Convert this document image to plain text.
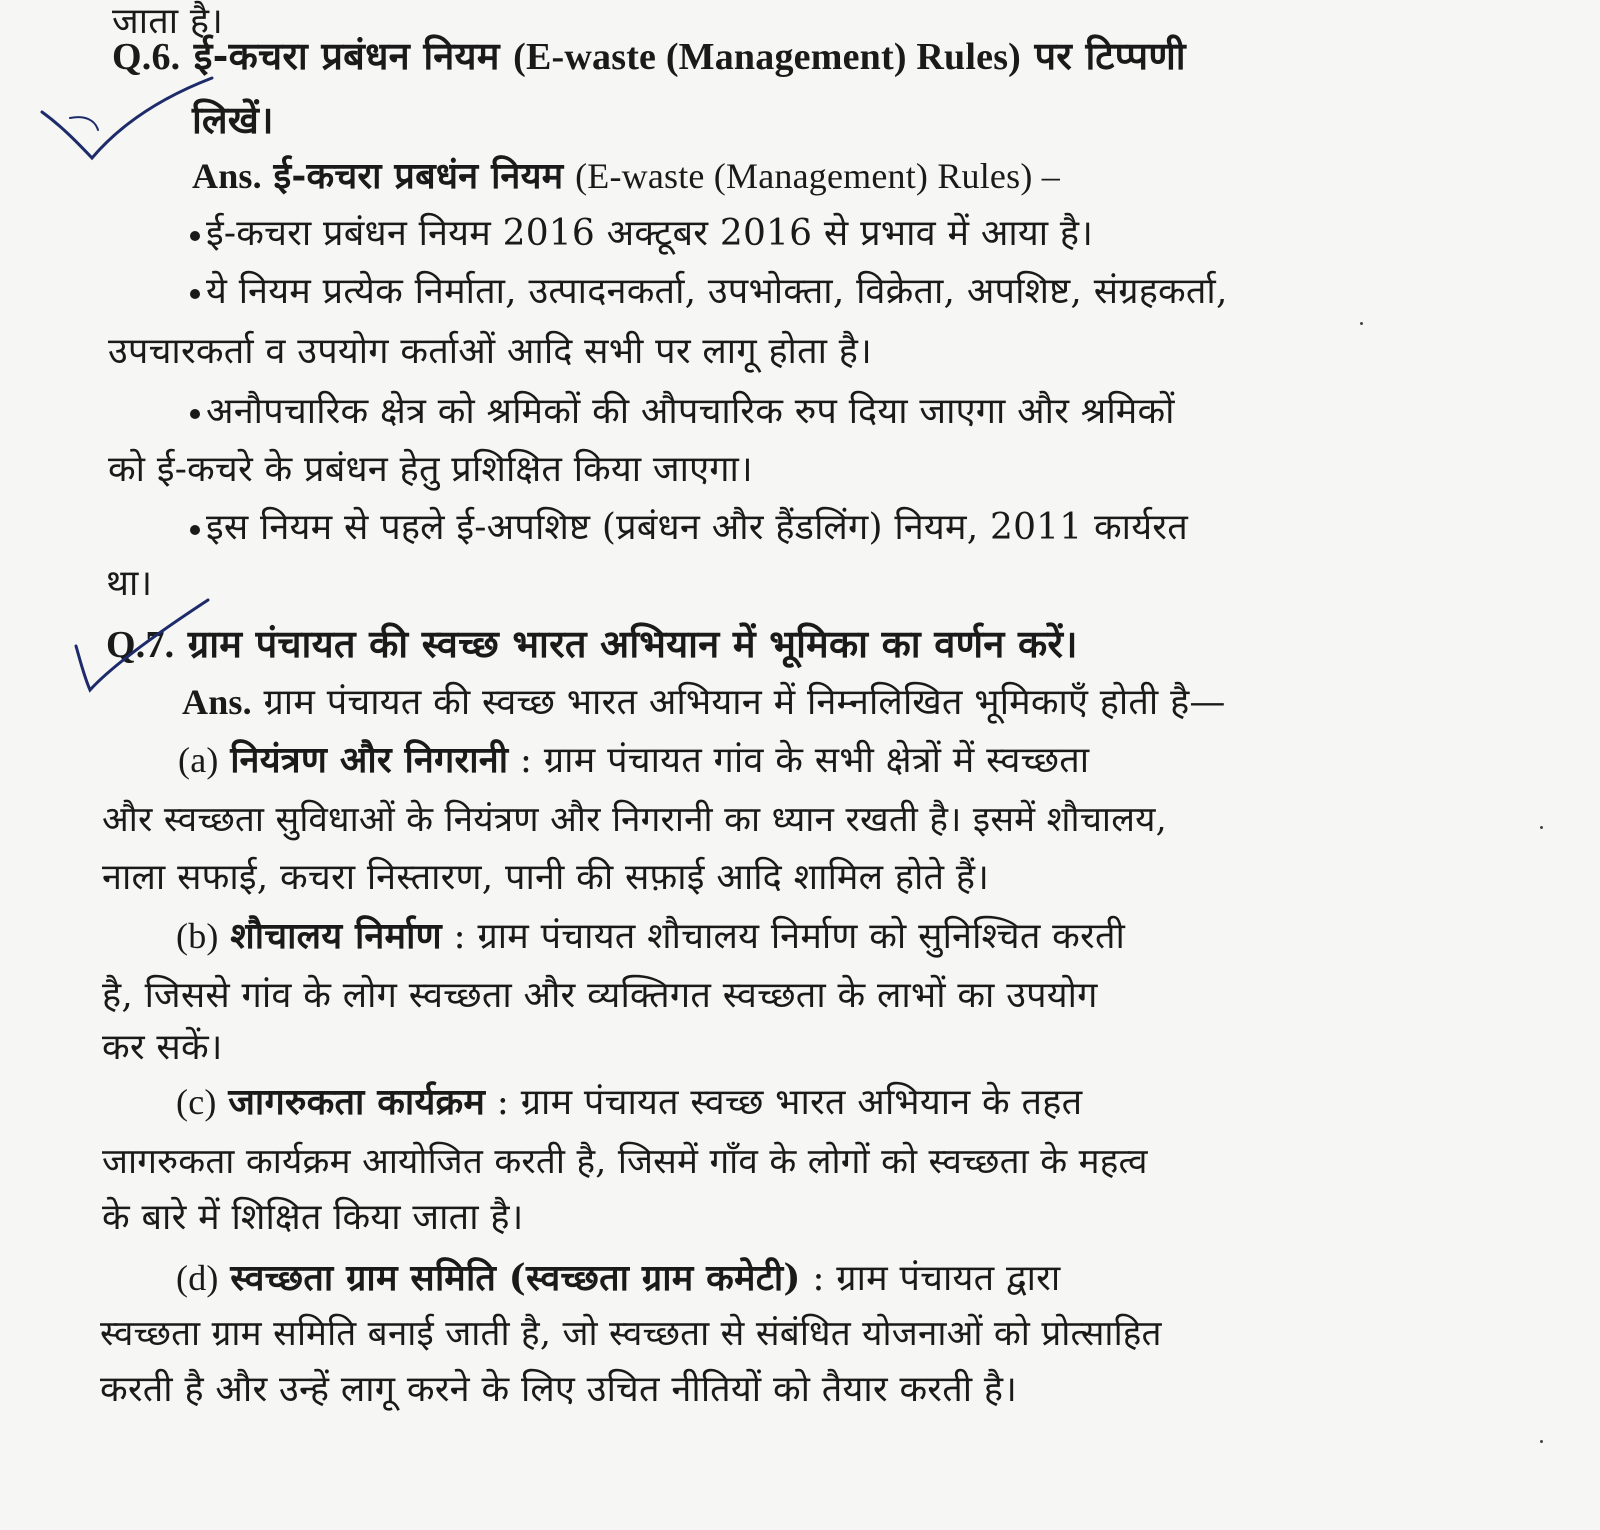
जाता है।
Q.6. ई-कचरा प्रबंधन नियम (E-waste (Management) Rules) पर टिप्पणी
लिखें।
Ans. ई-कचरा प्रबधंन नियम (E-waste (Management) Rules) –
ई-कचरा प्रबंधन नियम 2016 अक्टूबर 2016 से प्रभाव में आया है।
ये नियम प्रत्येक निर्माता, उत्पादनकर्ता, उपभोक्ता, विक्रेता, अपशिष्ट, संग्रहकर्ता,
उपचारकर्ता व उपयोग कर्ताओं आदि सभी पर लागू होता है।
अनौपचारिक क्षेत्र को श्रमिकों की औपचारिक रुप दिया जाएगा और श्रमिकों
को ई-कचरे के प्रबंधन हेतु प्रशिक्षित किया जाएगा।
इस नियम से पहले ई-अपशिष्ट (प्रबंधन और हैंडलिंग) नियम, 2011 कार्यरत
था।
Q.7. ग्राम पंचायत की स्वच्छ भारत अभियान में भूमिका का वर्णन करें।
Ans. ग्राम पंचायत की स्वच्छ भारत अभियान में निम्नलिखित भूमिकाएँ होती है—
(a) नियंत्रण और निगरानी : ग्राम पंचायत गांव के सभी क्षेत्रों में स्वच्छता
और स्वच्छता सुविधाओं के नियंत्रण और निगरानी का ध्यान रखती है। इसमें शौचालय,
नाला सफाई, कचरा निस्तारण, पानी की सफ़ाई आदि शामिल होते हैं।
(b) शौचालय निर्माण : ग्राम पंचायत शौचालय निर्माण को सुनिश्चित करती
है, जिससे गांव के लोग स्वच्छता और व्यक्तिगत स्वच्छता के लाभों का उपयोग
कर सकें।
(c) जागरुकता कार्यक्रम : ग्राम पंचायत स्वच्छ भारत अभियान के तहत
जागरुकता कार्यक्रम आयोजित करती है, जिसमें गाँव के लोगों को स्वच्छता के महत्व
के बारे में शिक्षित किया जाता है।
(d) स्वच्छता ग्राम समिति (स्वच्छता ग्राम कमेटी) : ग्राम पंचायत द्वारा
स्वच्छता ग्राम समिति बनाई जाती है, जो स्वच्छता से संबंधित योजनाओं को प्रोत्साहित
करती है और उन्हें लागू करने के लिए उचित नीतियों को तैयार करती है।
